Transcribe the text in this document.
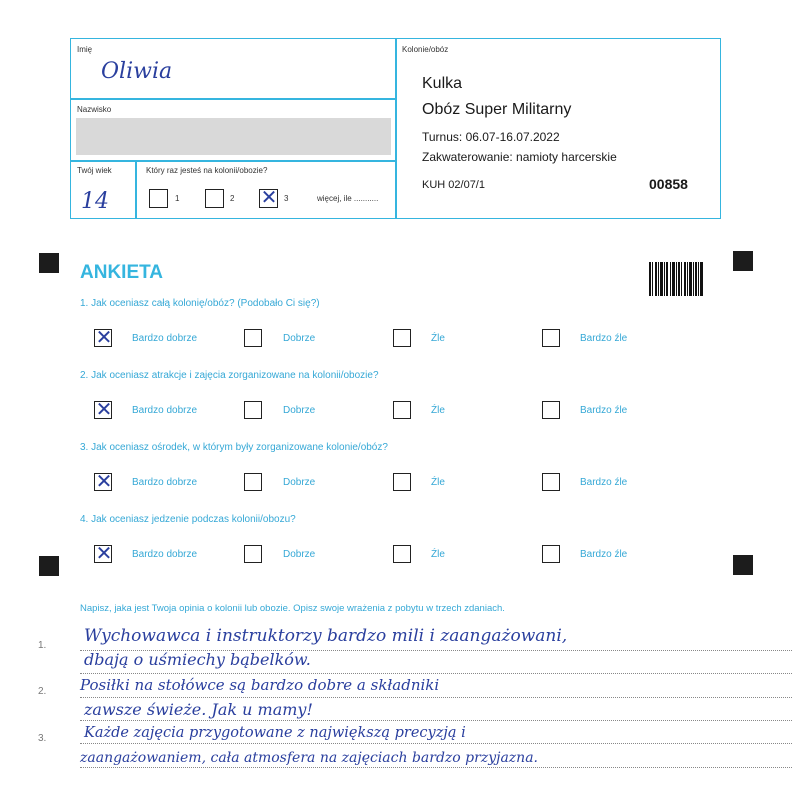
Imię
Oliwia
Nazwisko
Twój wiek
14
Który raz jesteś na kolonii/obozie?
1	2 ✕ 3	więcej, ile ...........
Kolonie/obóz
Kulka
Obóz Super Militarny
Turnus: 06.07-16.07.2022
Zakwaterowanie: namioty harcerskie
KUH 02/07/1	00858
ANKIETA
1. Jak oceniasz całą kolonię/obóz? (Podobało Ci się?)
✕ Bardzo dobrze	Dobrze	Źle	Bardzo źle
2. Jak oceniasz atrakcje i zajęcia zorganizowane na kolonii/obozie?
✕ Bardzo dobrze	Dobrze	Źle	Bardzo źle
3. Jak oceniasz ośrodek, w którym były zorganizowane kolonie/obóz?
✕ Bardzo dobrze	Dobrze	Źle	Bardzo źle
4. Jak oceniasz jedzenie podczas kolonii/obozu?
✕ Bardzo dobrze	Dobrze	Źle	Bardzo źle
Napisz, jaka jest Twoja opinia o kolonii lub obozie. Opisz swoje wrażenia z pobytu w trzech zdaniach.
1.
2.
3.
Wychowawca i instruktorzy bardzo mili i zaangażowani,
dbają o uśmiechy bąbelków.
Posiłki na stołówce są bardzo dobre a składniki
zawsze świeże. Jak u mamy!
Każde zajęcia przygotowane z największą precyzją i
zaangażowaniem, cała atmosfera na zajęciach bardzo przyjazna.
